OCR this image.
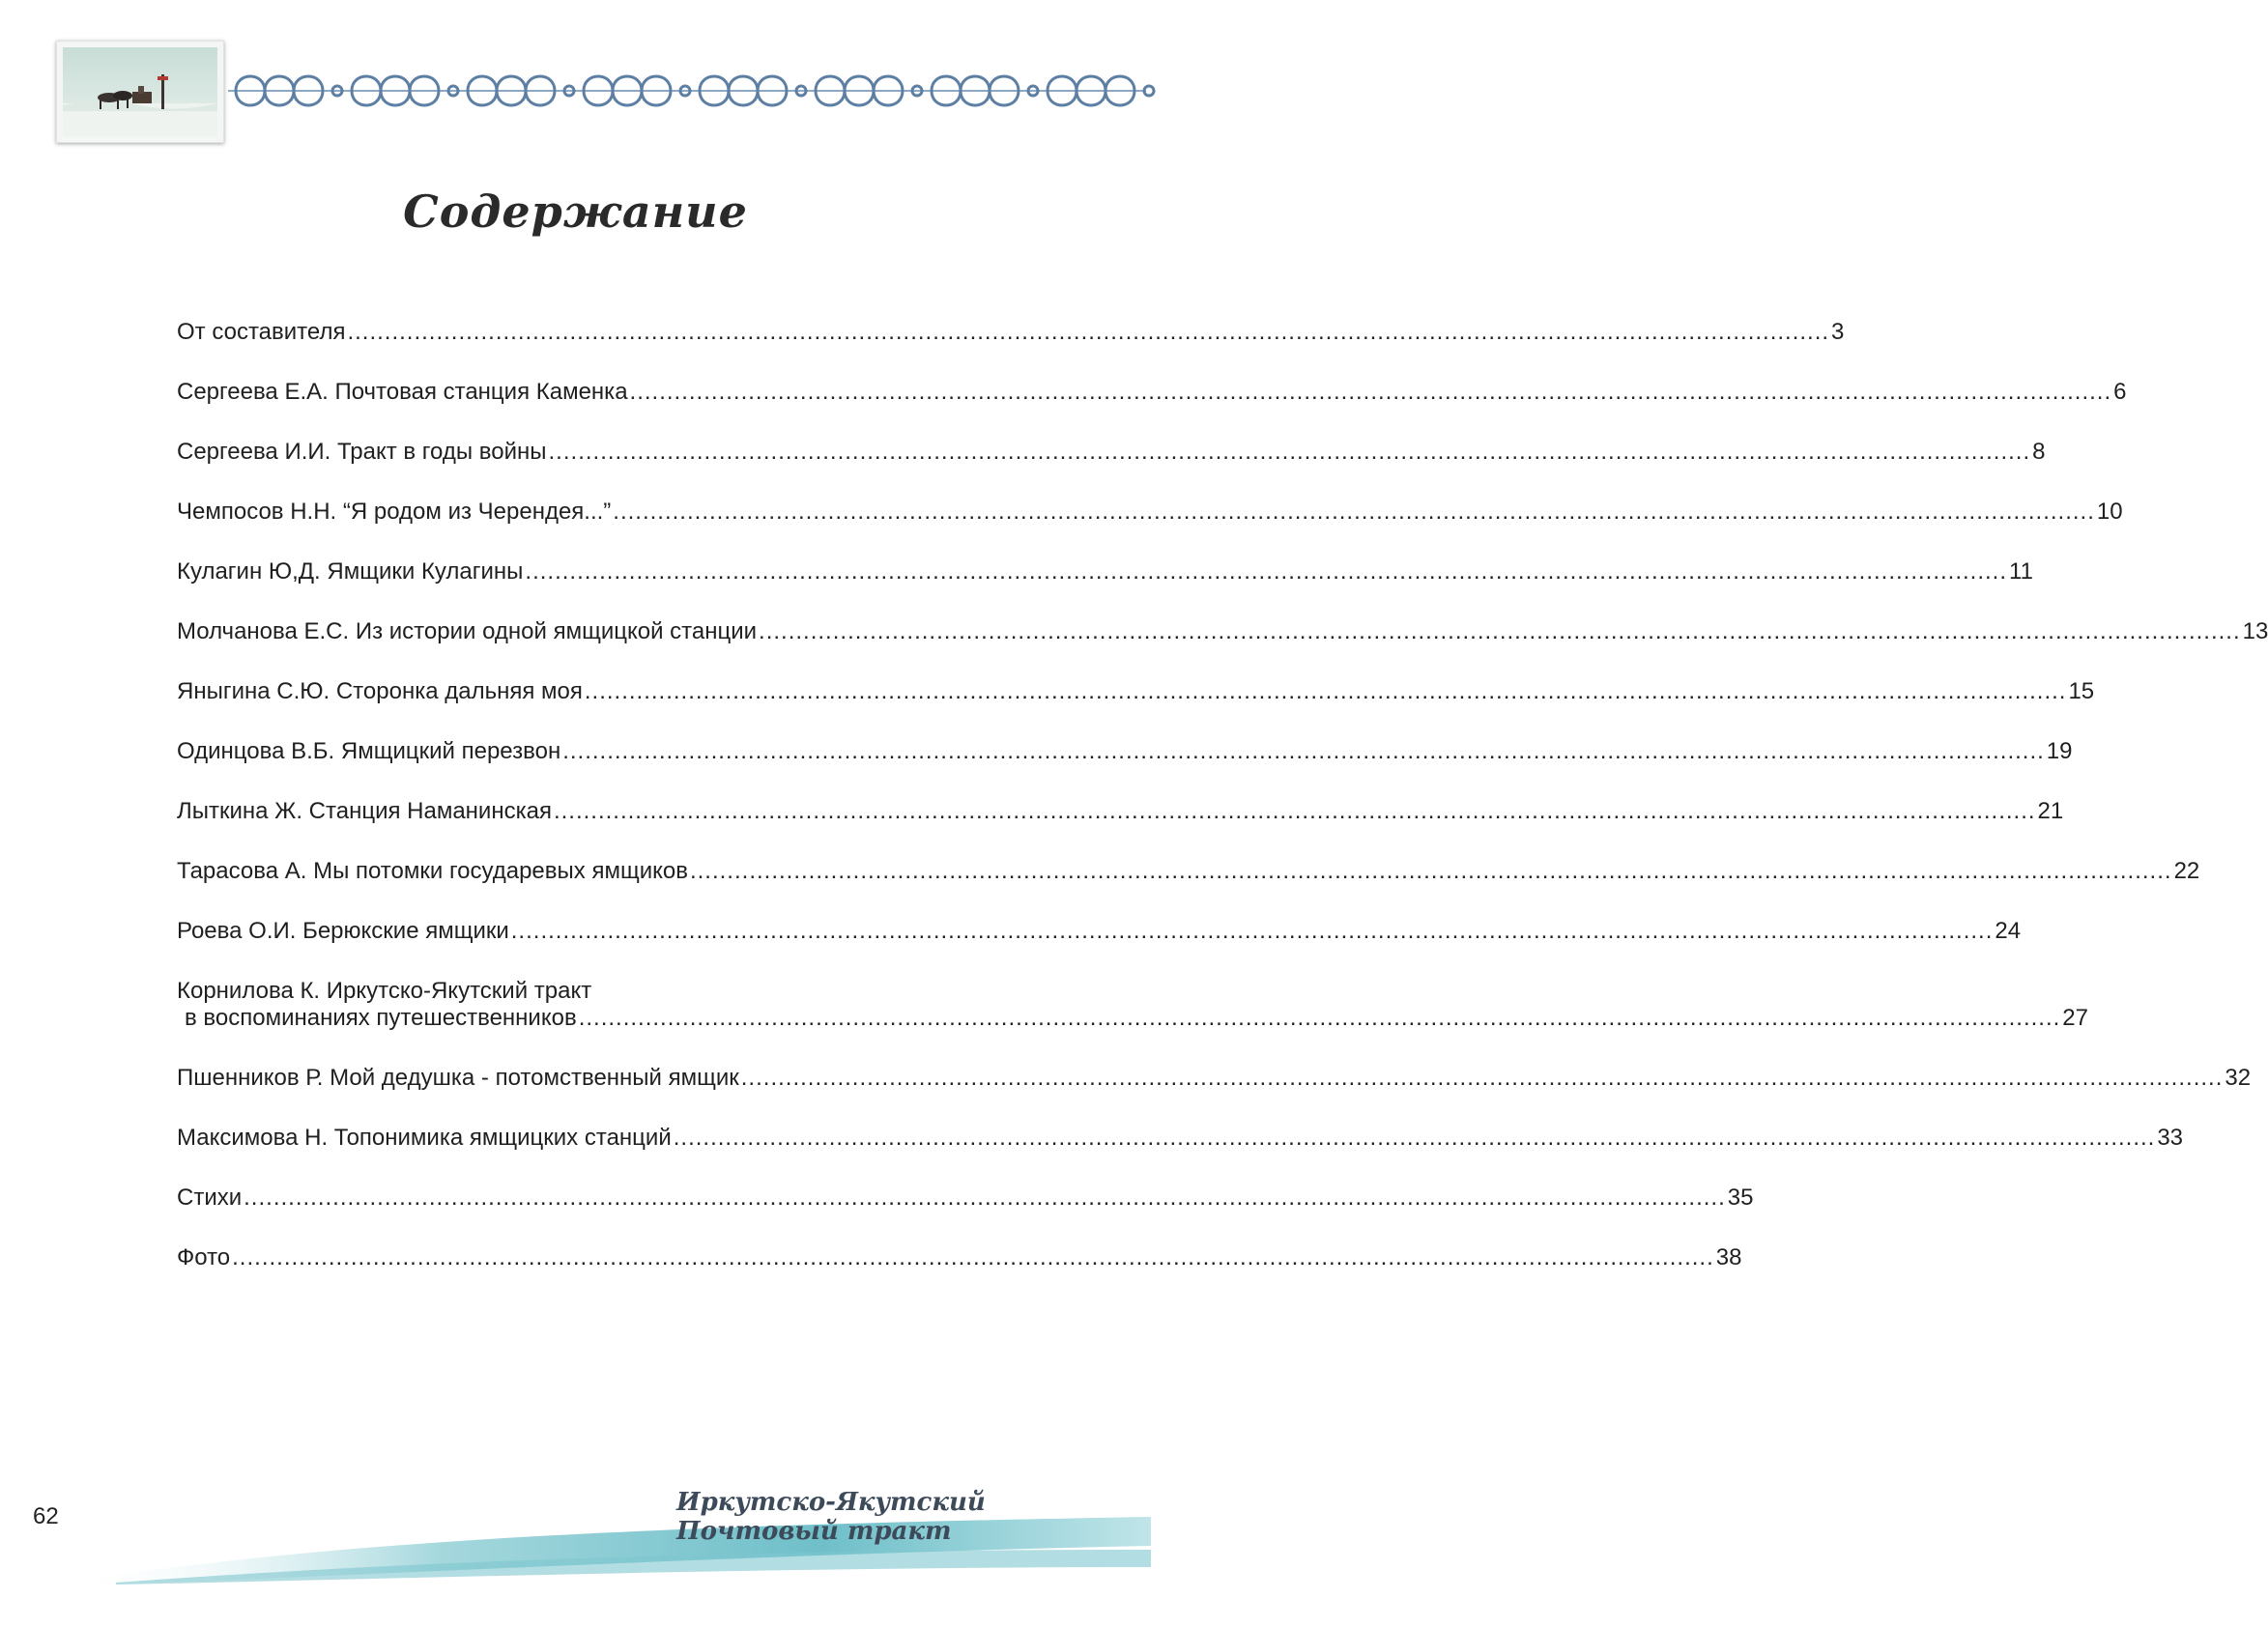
Содержание
От составителя ........................................................................................................................................................................................................ 3
Сергеева Е.А. Почтовая станция Каменка ........................................................................................................................................................................................................ 6
Сергеева И.И. Тракт в годы войны ........................................................................................................................................................................................................ 8
Чемпосов Н.Н. “Я родом из Черендея...” ........................................................................................................................................................................................................ 10
Кулагин Ю,Д. Ямщики Кулагины ........................................................................................................................................................................................................ 11
Молчанова Е.С. Из истории одной ямщицкой станции ........................................................................................................................................................................................................ 13
Яныгина С.Ю. Сторонка дальняя моя ........................................................................................................................................................................................................ 15
Одинцова В.Б. Ямщицкий перезвон ........................................................................................................................................................................................................ 19
Лыткина Ж. Станция Наманинская ........................................................................................................................................................................................................ 21
Тарасова А. Мы потомки государевых ямщиков ........................................................................................................................................................................................................ 22
Роева О.И. Берюкские ямщики ........................................................................................................................................................................................................ 24
Корнилова К. Иркутско-Якутский тракт
в воспоминаниях путешественников ........................................................................................................................................................................................................ 27
Пшенников Р. Мой дедушка - потомственный ямщик ........................................................................................................................................................................................................ 32
Максимова Н. Топонимика ямщицких станций ........................................................................................................................................................................................................ 33
Стихи ........................................................................................................................................................................................................ 35
Фото ........................................................................................................................................................................................................ 38
62	Иркутско-Якутский
Почтовый тракт
